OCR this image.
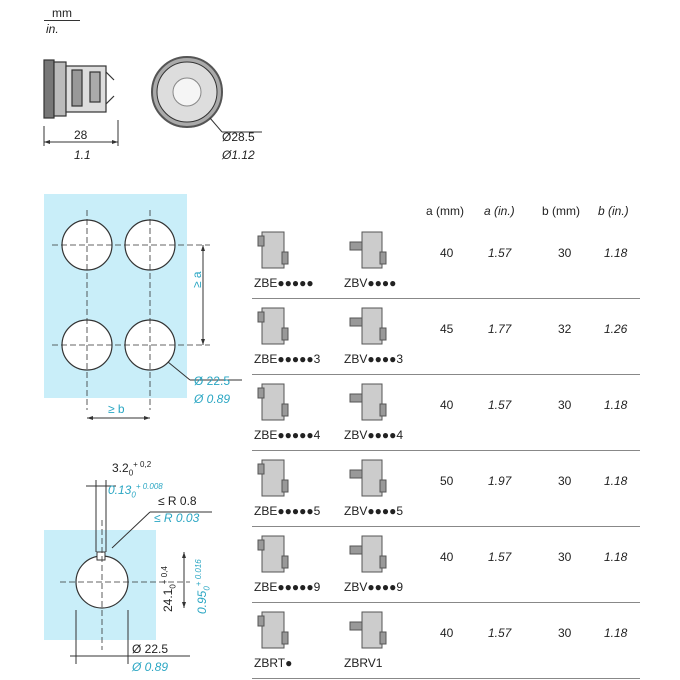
mm
in.
28
1.1
Ø28.5
Ø1.12
≥ a
≥ b
Ø 22.5
Ø 0.89
$3.2_0^{+ 0,2}$
$0.13_0^{+ 0.008}$
≤ R 0.8
≤ R 0.03
$24.1_0^{+ 0,4}$
$0.95_0^{+ 0.016}$
Ø 22.5
Ø 0.89
a (mm) a (in.) b (mm) b (in.)
ZBE●●●●●	ZBV●●●●
40	1.57	30	1.18
ZBE●●●●●3 ZBV●●●●3
45	1.77	32	1.26
ZBE●●●●●4 ZBV●●●●4
40	1.57	30	1.18
ZBE●●●●●5 ZBV●●●●5
50	1.97	30	1.18
ZBE●●●●●9 ZBV●●●●9
40	1.57	30	1.18
ZBRT●	ZBRV1
40	1.57	30	1.18
